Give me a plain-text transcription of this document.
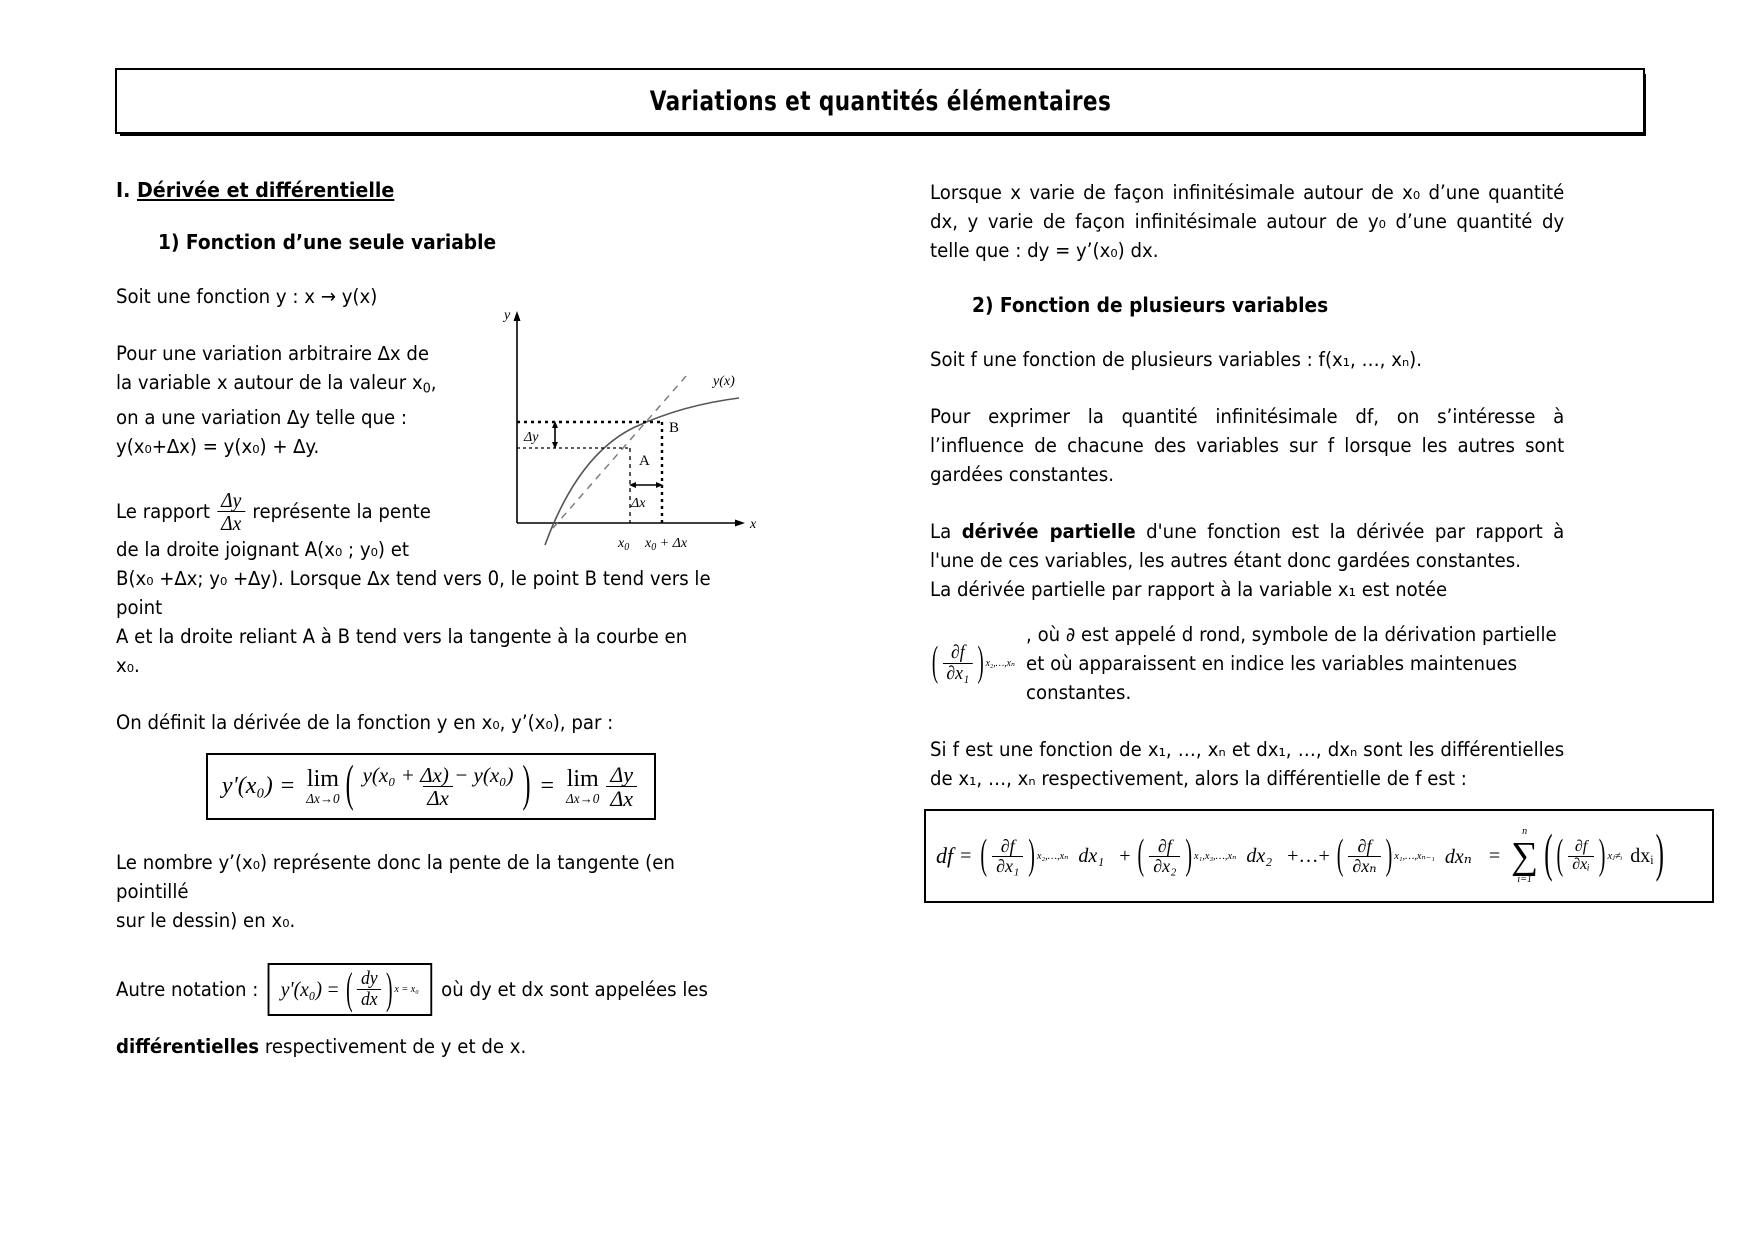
Variations et quantités élémentaires
I. Dérivée et différentielle
1) Fonction d’une seule variable
Soit une fonction y : x → y(x)
Pour une variation arbitraire ∆x de
la variable x autour de la valeur $x_0$,
on a une variation ∆y telle que :
y(x₀+∆x) = y(x₀) + ∆y.
Le rapport $\frac{\Delta y}{\Delta x}$ représente la pente
de la droite joignant A(x₀ ; y₀) et
B(x₀ +∆x; y₀ +∆y). Lorsque ∆x tend vers 0, le point B tend vers le point
A et la droite reliant A à B tend vers la tangente à la courbe en x₀.
On définit la dérivée de la fonction y en x₀, y’(x₀), par :
y'(x₀) = lim
Δx→0 ( $\frac{\text{y(x₀ + Δx) − y(x₀)}}{\Delta x}$ ) = lim
$\Delta x\to 0 \frac{\Delta y}{\Delta x}$
Le nombre y’(x₀) représente donc la pente de la tangente (en pointillé
sur le dessin) en x₀.
Autre notation : y'(x₀) = ( $\frac{dy}{dx}$ ) x = x₀ où dy et dx sont appelées les
différentielles respectivement de y et de x.
y
x
y(x)
Δy
Δx
A
B
$x_0$ $x_0 + \Delta x$
Lorsque x varie de façon infinitésimale autour de x₀ d’une quantité dx, y varie de façon infinitésimale autour de y₀ d’une quantité dy telle que : dy = y’(x₀) dx.
2) Fonction de plusieurs variables
Soit f une fonction de plusieurs variables : f(x₁, …, xₙ).
Pour exprimer la quantité infinitésimale df, on s’intéresse à l’influence de chacune des variables sur f lorsque les autres sont gardées constantes.
La dérivée partielle d'une fonction est la dérivée par rapport à l'une de ces variables, les autres étant donc gardées constantes.
La dérivée partielle par rapport à la variable x₁ est notée
( $\frac{\partial f}{\text{∂x₁}}$ ) x₂,…,xₙ
, où ∂ est appelé d rond, symbole de la dérivation partielle et où apparaissent en indice les variables maintenues constantes.
Si f est une fonction de x₁, …, xₙ et dx₁, …, dxₙ sont les différentielles de x₁, …, xₙ respectivement, alors la différentielle de f est :
df = ( $\frac{\partial f}{\text{∂x₁}}$ ) x₂,…,xₙ dx₁ + ( $\frac{\partial f}{\text{∂x₂}}$ ) x₁,x₃,…,xₙ dx₂ +…+ ( $\frac{\partial f}{\text{∂xₙ}}$ ) x₁,…,xₙ₋₁ dxₙ =
n
∑
i=1 ( ( $\frac{\partial f}{\text{∂xᵢ}}$ ) xⱼ≠ᵢ dxᵢ )
